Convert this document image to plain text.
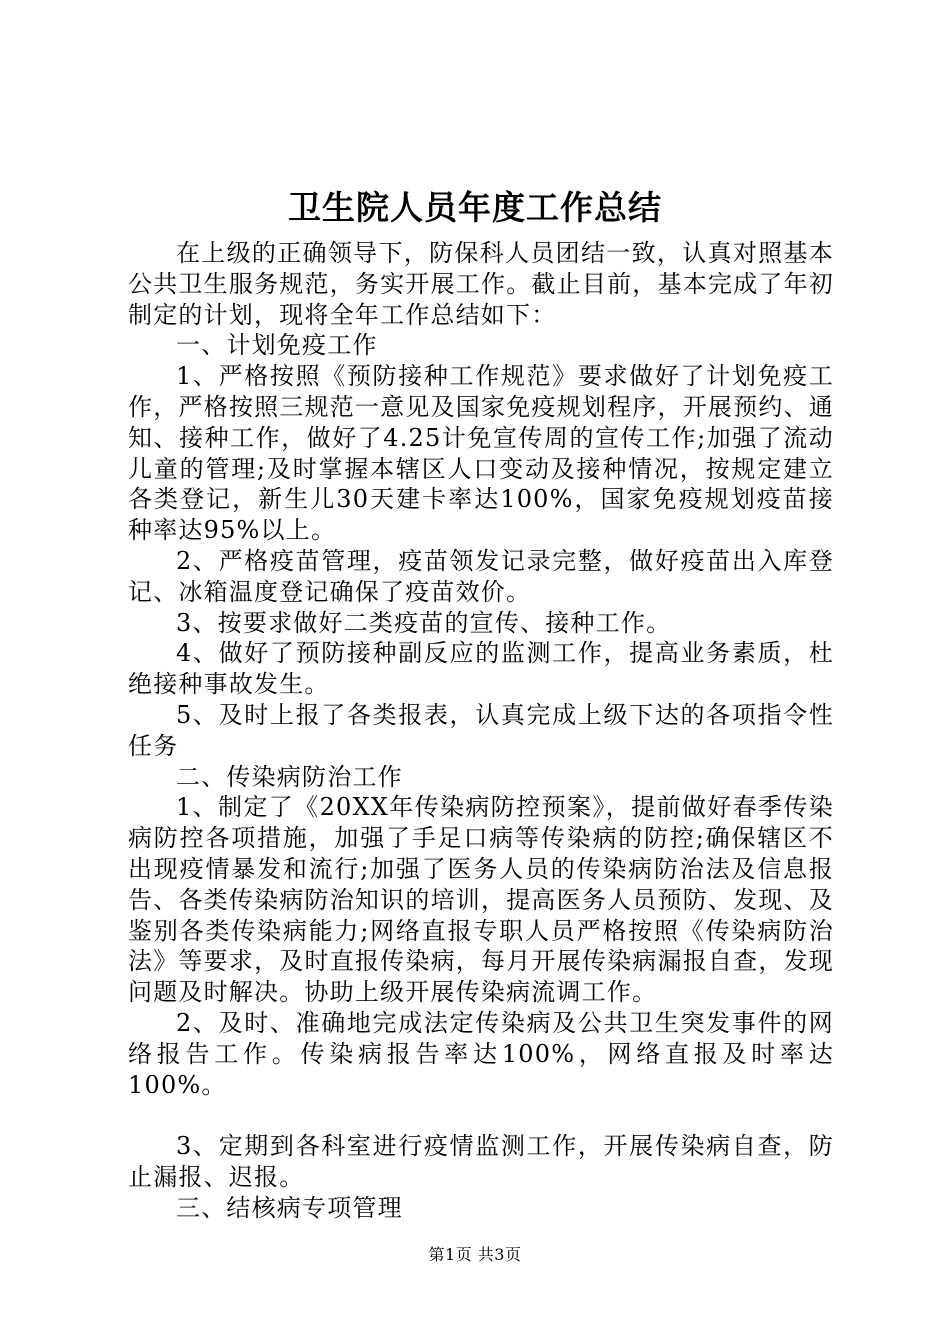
卫生院人员年度工作总结

在上级的正确领导下，防保科人员团结一致，认真对照基本公共卫生服务规范，务实开展工作。截止目前，基本完成了年初制定的计划，现将全年工作总结如下：

一、计划免疫工作

1、严格按照《预防接种工作规范》要求做好了计划免疫工作，严格按照三规范一意见及国家免疫规划程序，开展预约、通知、接种工作，做好了4.25计免宣传周的宣传工作;加强了流动儿童的管理;及时掌握本辖区人口变动及接种情况，按规定建立各类登记，新生儿30天建卡率达100%，国家免疫规划疫苗接种率达95%以上。

2、严格疫苗管理，疫苗领发记录完整，做好疫苗出入库登记、冰箱温度登记确保了疫苗效价。

3、按要求做好二类疫苗的宣传、接种工作。

4、做好了预防接种副反应的监测工作，提高业务素质，杜绝接种事故发生。

5、及时上报了各类报表，认真完成上级下达的各项指令性任务

二、传染病防治工作

1、制定了《20XX年传染病防控预案》，提前做好春季传染病防控各项措施，加强了手足口病等传染病的防控;确保辖区不出现疫情暴发和流行;加强了医务人员的传染病防治法及信息报告、各类传染病防治知识的培训，提高医务人员预防、发现、及鉴别各类传染病能力;网络直报专职人员严格按照《传染病防治法》等要求，及时直报传染病，每月开展传染病漏报自查，发现问题及时解决。协助上级开展传染病流调工作。

2、及时、准确地完成法定传染病及公共卫生突发事件的网络报告工作。传染病报告率达100%，网络直报及时率达100%。

3、定期到各科室进行疫情监测工作，开展传染病自查，防止漏报、迟报。

三、结核病专项管理

第1页 共3页
